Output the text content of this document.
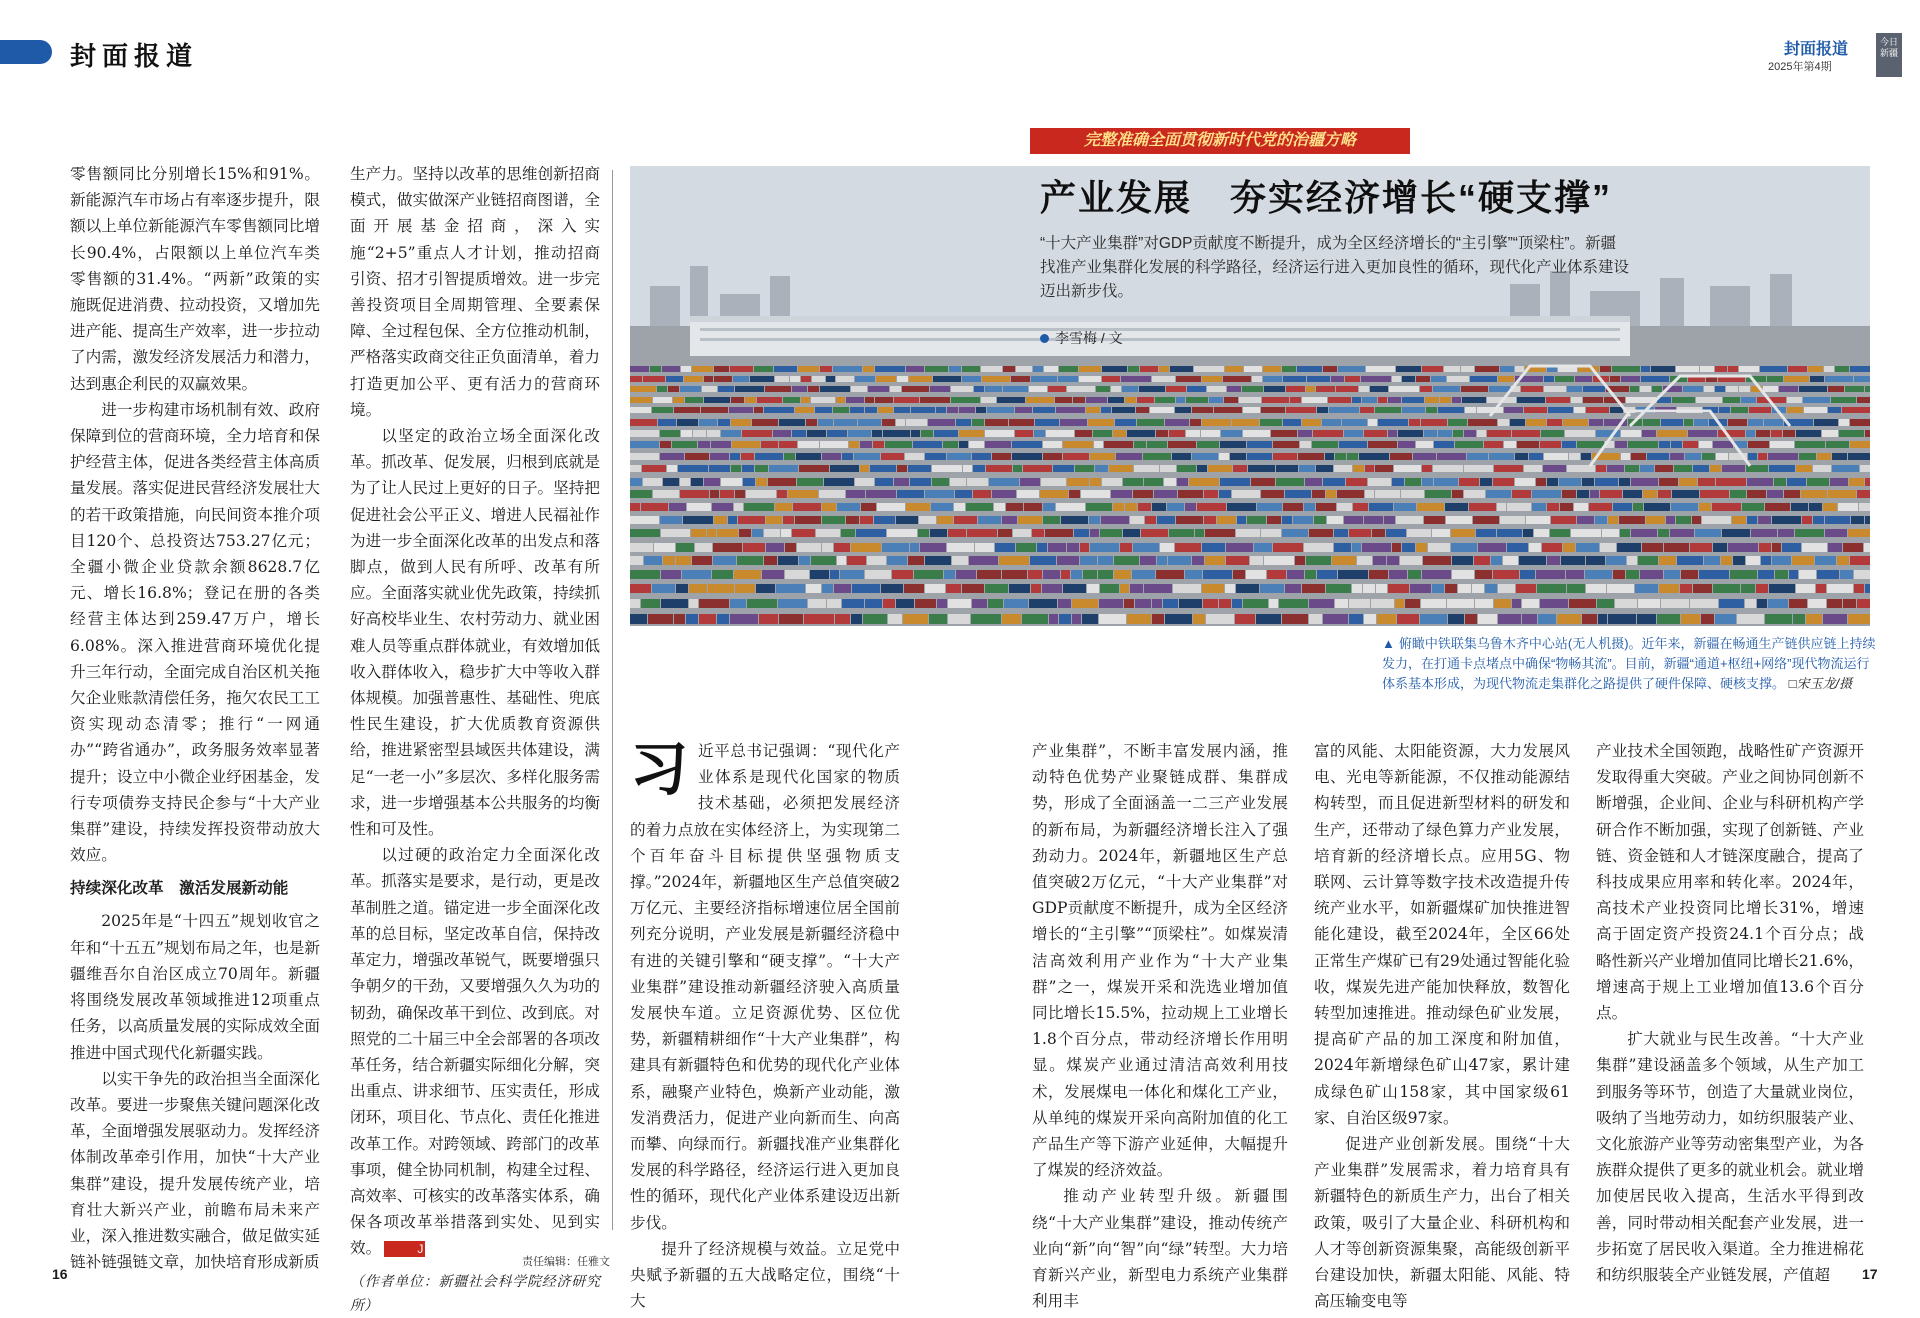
封面报道	封面报道
2025年第4期
今日
新疆
完整准确全面贯彻新时代党的治疆方略
产业发展　夯实经济增长“硬支撑”
“十大产业集群”对GDP贡献度不断提升，成为全区经济增长的“主引擎”“顶梁柱”。新疆找准产业集群化发展的科学路径，经济运行进入更加良性的循环，现代化产业体系建设迈出新步伐。
李雪梅 / 文
▲ 俯瞰中铁联集乌鲁木齐中心站(无人机摄)。近年来，新疆在畅通生产链供应链上持续发力，在打通卡点堵点中确保“物畅其流”。目前，新疆“通道+枢纽+网络”现代物流运行体系基本形成，为现代物流走集群化之路提供了硬件保障、硬核支撑。 □宋玉龙/摄

零售额同比分别增长15%和91%。新能源汽车市场占有率逐步提升，限额以上单位新能源汽车零售额同比增长90.4%，占限额以上单位汽车类零售额的31.4%。“两新”政策的实施既促进消费、拉动投资，又增加先进产能、提高生产效率，进一步拉动了内需，激发经济发展活力和潜力，达到惠企利民的双赢效果。

进一步构建市场机制有效、政府保障到位的营商环境，全力培育和保护经营主体，促进各类经营主体高质量发展。落实促进民营经济发展壮大的若干政策措施，向民间资本推介项目120个、总投资达753.27亿元；全疆小微企业贷款余额8628.7亿元、增长16.8%；登记在册的各类经营主体达到259.47万户，增长6.08%。深入推进营商环境优化提升三年行动，全面完成自治区机关拖欠企业账款清偿任务，拖欠农民工工资实现动态清零；推行“一网通办”“跨省通办”，政务服务效率显著提升；设立中小微企业纾困基金，发行专项债券支持民企参与“十大产业集群”建设，持续发挥投资带动放大效应。

持续深化改革　激活发展新动能

2025年是“十四五”规划收官之年和“十五五”规划布局之年，也是新疆维吾尔自治区成立70周年。新疆将围绕发展改革领域推进12项重点任务，以高质量发展的实际成效全面推进中国式现代化新疆实践。

以实干争先的政治担当全面深化改革。要进一步聚焦关键问题深化改革，全面增强发展驱动力。发挥经济体制改革牵引作用，加快“十大产业集群”建设，提升发展传统产业，培育壮大新兴产业，前瞻布局未来产业，深入推进数实融合，做足做实延链补链强链文章，加快培育形成新质

生产力。坚持以改革的思维创新招商模式，做实做深产业链招商图谱，全面开展基金招商，深入实施“2+5”重点人才计划，推动招商引资、招才引智提质增效。进一步完善投资项目全周期管理、全要素保障、全过程包保、全方位推动机制，严格落实政商交往正负面清单，着力打造更加公平、更有活力的营商环境。

以坚定的政治立场全面深化改革。抓改革、促发展，归根到底就是为了让人民过上更好的日子。坚持把促进社会公平正义、增进人民福祉作为进一步全面深化改革的出发点和落脚点，做到人民有所呼、改革有所应。全面落实就业优先政策，持续抓好高校毕业生、农村劳动力、就业困难人员等重点群体就业，有效增加低收入群体收入，稳步扩大中等收入群体规模。加强普惠性、基础性、兜底性民生建设，扩大优质教育资源供给，推进紧密型县域医共体建设，满足“一老一小”多层次、多样化服务需求，进一步增强基本公共服务的均衡性和可及性。

以过硬的政治定力全面深化改革。抓落实是要求，是行动，更是改革制胜之道。锚定进一步全面深化改革的总目标，坚定改革自信，保持改革定力，增强改革锐气，既要增强只争朝夕的干劲，又要增强久久为功的韧劲，确保改革干到位、改到底。对照党的二十届三中全会部署的各项改革任务，结合新疆实际细化分解，突出重点、讲求细节、压实责任，形成闭环，项目化、节点化、责任化推进改革工作。对跨领域、跨部门的改革事项，健全协同机制，构建全过程、高效率、可核实的改革落实体系，确保各项改革举措落到实处、见到实效。	J

（作者单位：新疆社会科学院经济研究所）

习近平总书记强调：“现代化产业体系是现代化国家的物质技术基础，必须把发展经济的着力点放在实体经济上，为实现第二个百年奋斗目标提供坚强物质支撑。”2024年，新疆地区生产总值突破2万亿元、主要经济指标增速位居全国前列充分说明，产业发展是新疆经济稳中有进的关键引擎和“硬支撑”。“十大产业集群”建设推动新疆经济驶入高质量发展快车道。立足资源优势、区位优势，新疆精耕细作“十大产业集群”，构建具有新疆特色和优势的现代化产业体系，融聚产业特色，焕新产业动能，激发消费活力，促进产业向新而生、向高而攀、向绿而行。新疆找准产业集群化发展的科学路径，经济运行进入更加良性的循环，现代化产业体系建设迈出新步伐。

提升了经济规模与效益。立足党中央赋予新疆的五大战略定位，围绕“十大

产业集群”，不断丰富发展内涵，推动特色优势产业聚链成群、集群成势，形成了全面涵盖一二三产业发展的新布局，为新疆经济增长注入了强劲动力。2024年，新疆地区生产总值突破2万亿元，“十大产业集群”对GDP贡献度不断提升，成为全区经济增长的“主引擎”“顶梁柱”。如煤炭清洁高效利用产业作为“十大产业集群”之一，煤炭开采和洗选业增加值同比增长15.5%，拉动规上工业增长1.8个百分点，带动经济增长作用明显。煤炭产业通过清洁高效利用技术，发展煤电一体化和煤化工产业，从单纯的煤炭开采向高附加值的化工产品生产等下游产业延伸，大幅提升了煤炭的经济效益。

推动产业转型升级。新疆围绕“十大产业集群”建设，推动传统产业向“新”向“智”向“绿”转型。大力培育新兴产业，新型电力系统产业集群利用丰

富的风能、太阳能资源，大力发展风电、光电等新能源，不仅推动能源结构转型，而且促进新型材料的研发和生产，还带动了绿色算力产业发展，培育新的经济增长点。应用5G、物联网、云计算等数字技术改造提升传统产业水平，如新疆煤矿加快推进智能化建设，截至2024年，全区66处正常生产煤矿已有29处通过智能化验收，煤炭先进产能加快释放，数智化转型加速推进。推动绿色矿业发展，提高矿产品的加工深度和附加值，2024年新增绿色矿山47家，累计建成绿色矿山158家，其中国家级61家、自治区级97家。

促进产业创新发展。围绕“十大产业集群”发展需求，着力培育具有新疆特色的新质生产力，出台了相关政策，吸引了大量企业、科研机构和人才等创新资源集聚，高能级创新平台建设加快，新疆太阳能、风能、特高压输变电等

产业技术全国领跑，战略性矿产资源开发取得重大突破。产业之间协同创新不断增强，企业间、企业与科研机构产学研合作不断加强，实现了创新链、产业链、资金链和人才链深度融合，提高了科技成果应用率和转化率。2024年，高技术产业投资同比增长31%，增速高于固定资产投资24.1个百分点；战略性新兴产业增加值同比增长21.6%，增速高于规上工业增加值13.6个百分点。

扩大就业与民生改善。“十大产业集群”建设涵盖多个领域，从生产加工到服务等环节，创造了大量就业岗位，吸纳了当地劳动力，如纺织服装产业、文化旅游产业等劳动密集型产业，为各族群众提供了更多的就业机会。就业增加使居民收入提高，生活水平得到改善，同时带动相关配套产业发展，进一步拓宽了居民收入渠道。全力推进棉花和纺织服装全产业链发展，产值超

16
责任编辑：任雅文
17
